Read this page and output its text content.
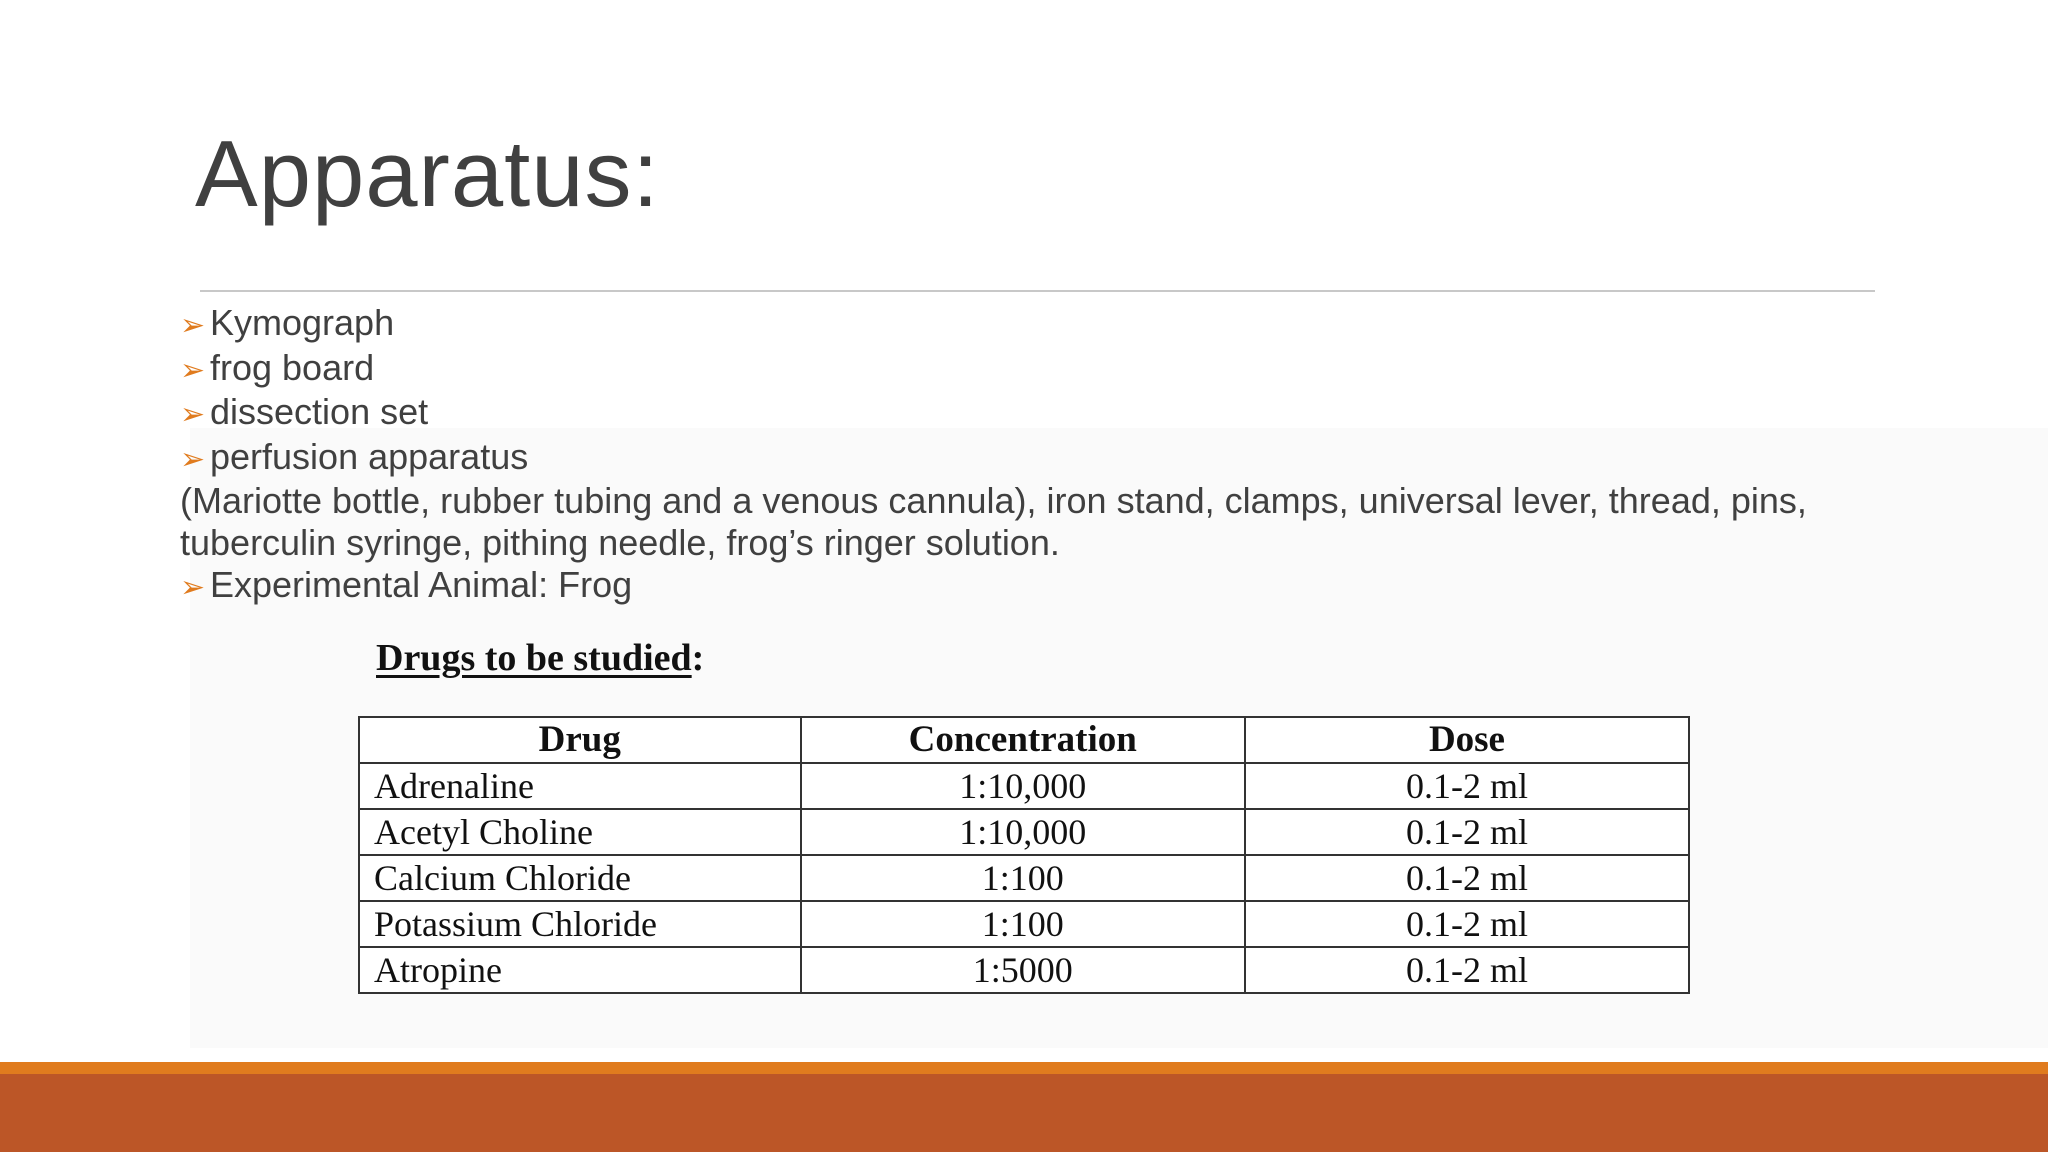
Apparatus:
➢ Kymograph
➢ frog board
➢ dissection set
➢ perfusion apparatus
(Mariotte bottle, rubber tubing and a venous cannula), iron stand, clamps, universal lever, thread, pins, tuberculin syringe, pithing needle, frog’s ringer solution.
➢ Experimental Animal: Frog
Drugs to be studied:
Drug	Concentration	Dose
Adrenaline	1:10,000	0.1-2 ml
Acetyl Choline	1:10,000	0.1-2 ml
Calcium Chloride	1:100	0.1-2 ml
Potassium Chloride	1:100	0.1-2 ml
Atropine	1:5000	0.1-2 ml
